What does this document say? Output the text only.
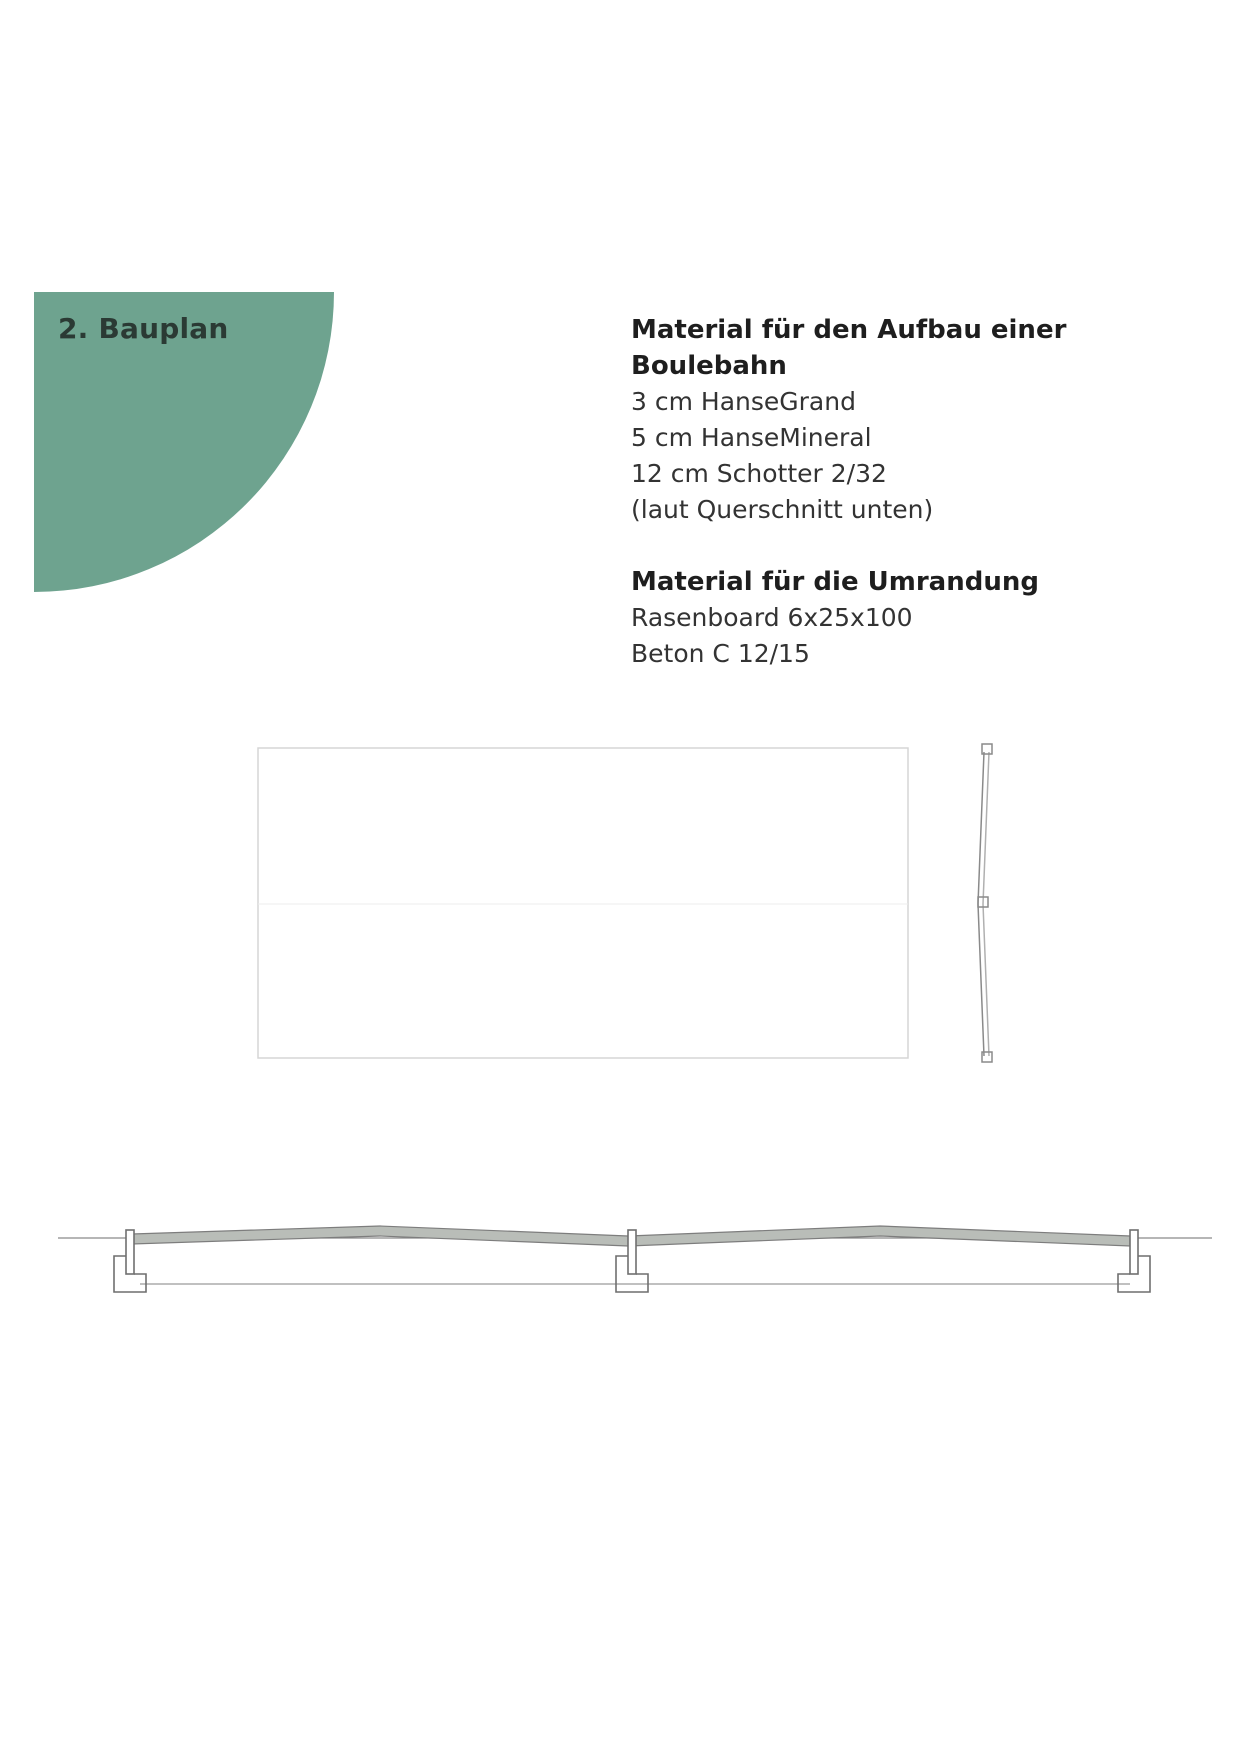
2. Bauplan	Material für den Aufbau einer Boulebahn

3 cm HanseGrand

5 cm HanseMineral

12 cm Schotter 2/32

(laut Querschnitt unten)

Material für die Umrandung

Rasenboard 6x25x100

Beton C 12/15
